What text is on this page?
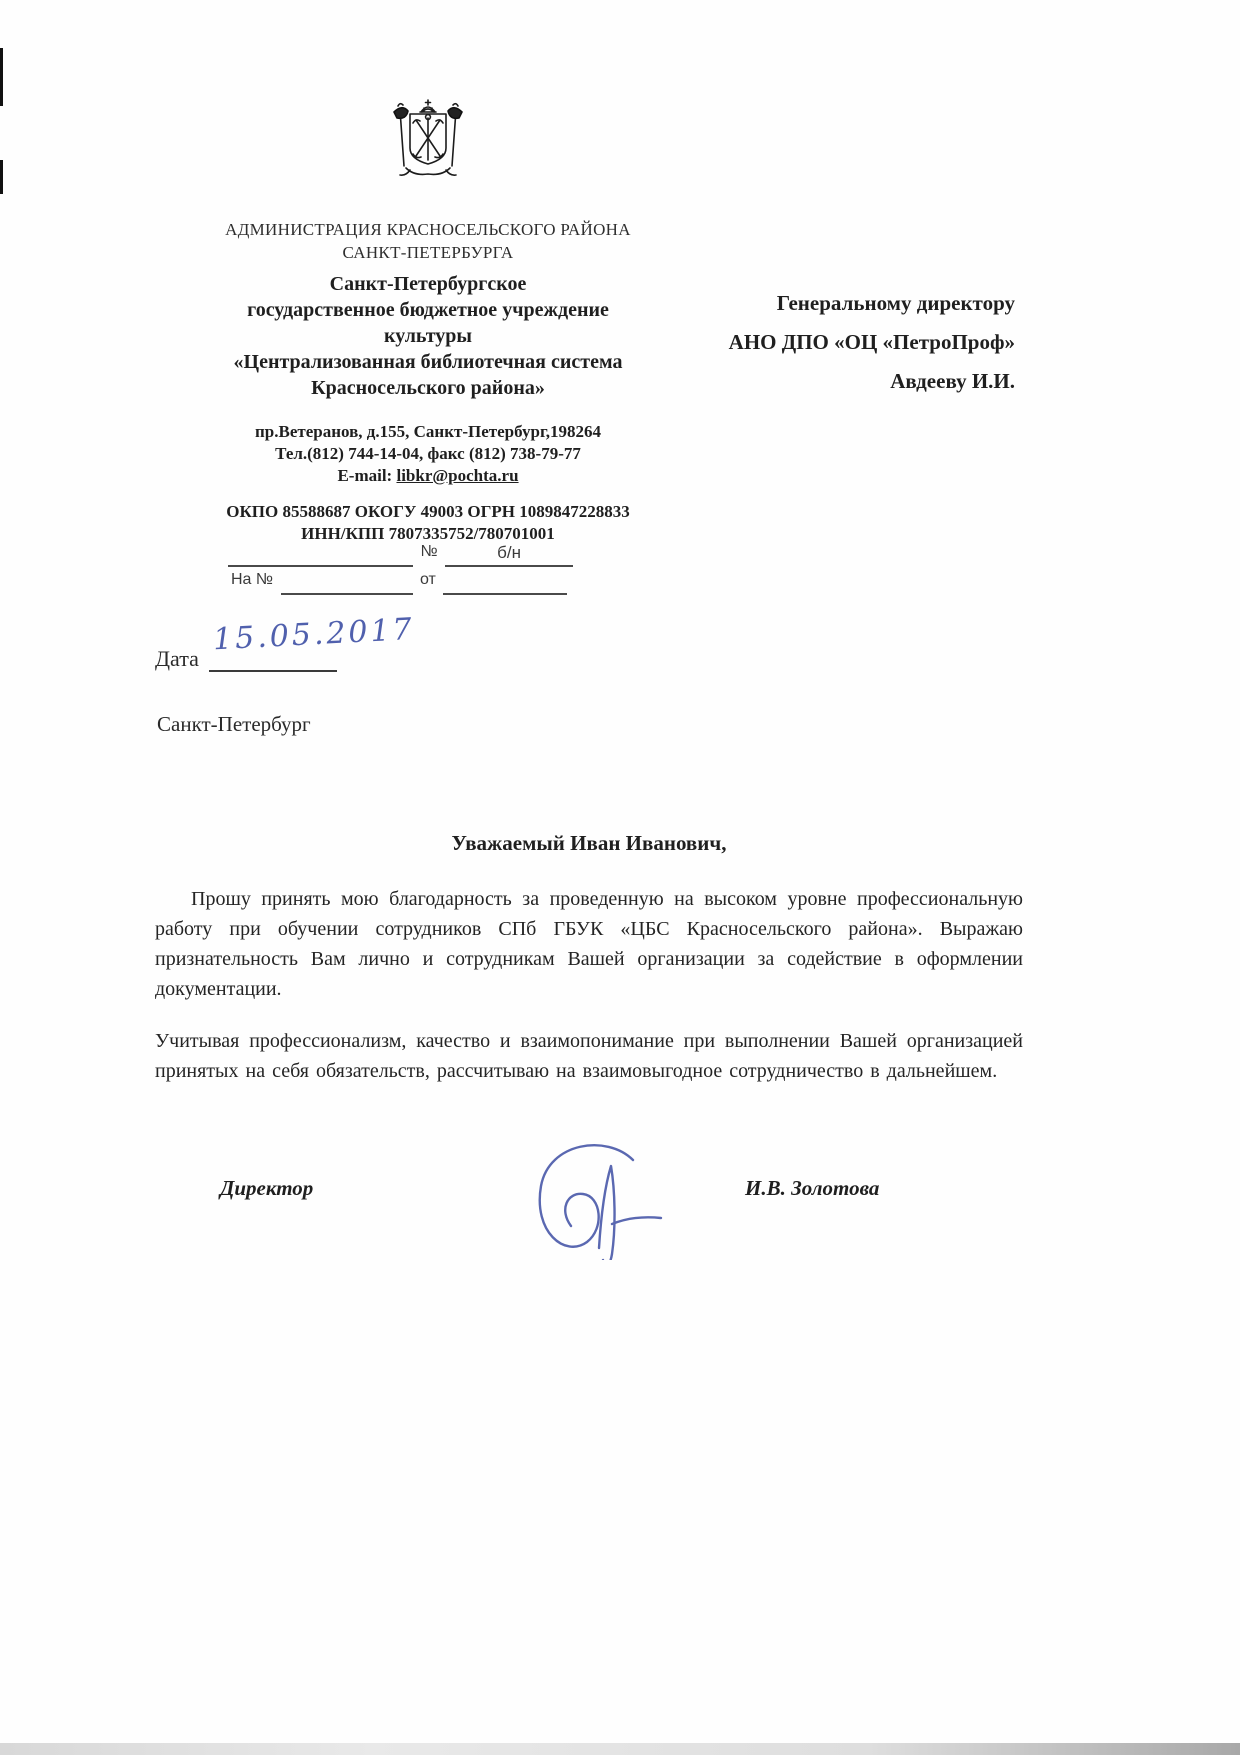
АДМИНИСТРАЦИЯ КРАСНОСЕЛЬСКОГО РАЙОНА
САНКТ-ПЕТЕРБУРГА
Санкт-Петербургское
государственное бюджетное учреждение
культуры
«Централизованная библиотечная система
Красносельского района»
пр.Ветеранов, д.155, Санкт-Петербург,198264
Тел.(812) 744-14-04, факс (812) 738-79-77
E-mail: libkr@pochta.ru
ОКПО 85588687 ОКОГУ 49003 ОГРН 1089847228833
ИНН/КПП 7807335752/780701001
№	б/н
На №	от
Генеральному директору
АНО ДПО «ОЦ «ПетроПроф»
Авдееву И.И.
Дата
15.05.2017
Санкт-Петербург
Уважаемый Иван Иванович,
Прошу принять мою благодарность за проведенную на высоком уровне профессиональную работу при обучении сотрудников СПб ГБУК «ЦБС Красносельского района». Выражаю признательность Вам лично и сотрудникам Вашей организации за содействие в оформлении документации.
Учитывая профессионализм, качество и взаимопонимание при выполнении Вашей организацией принятых на себя обязательств, рассчитываю на взаимовыгодное сотрудничество в дальнейшем.
Директор	И.В. Золотова
